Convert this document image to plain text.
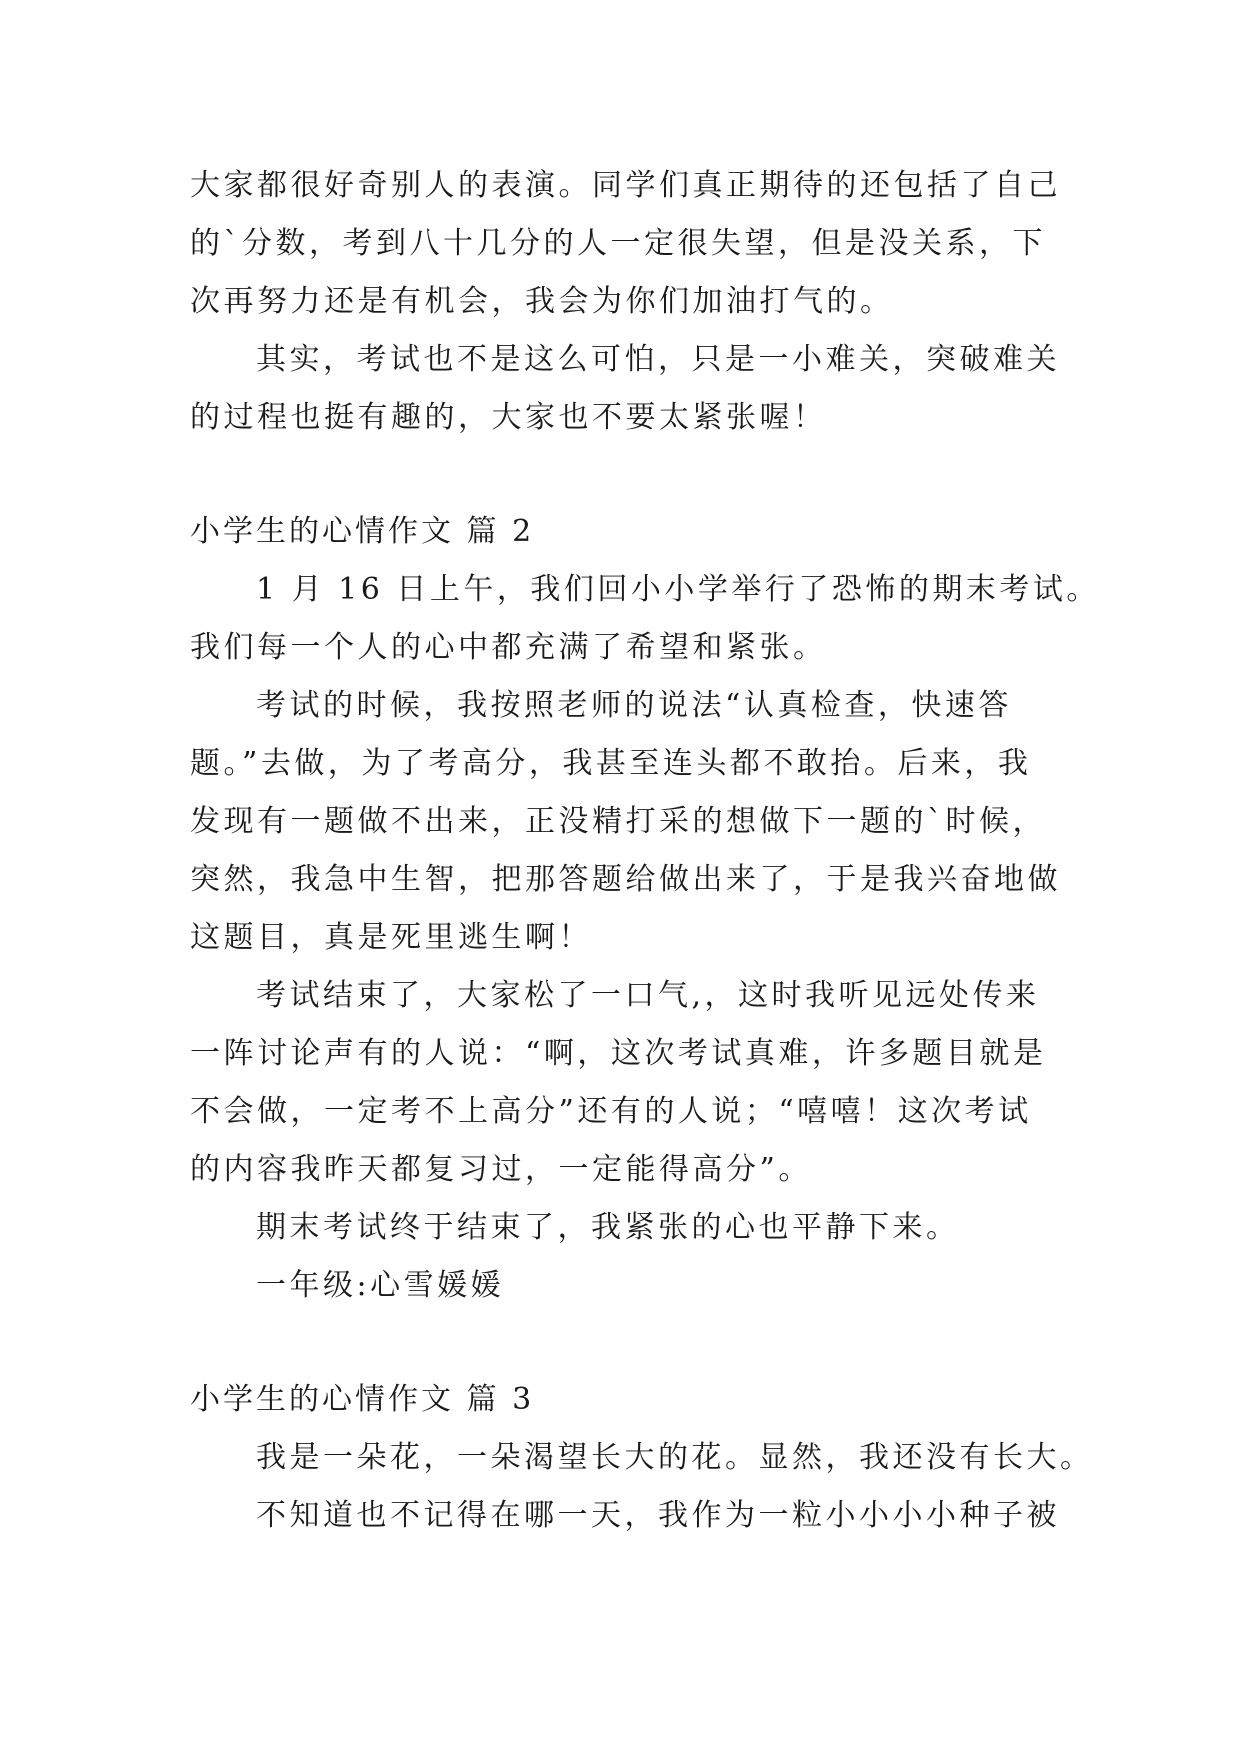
大家都很好奇别人的表演。同学们真正期待的还包括了自己
的`分数，考到八十几分的人一定很失望，但是没关系，下
次再努力还是有机会，我会为你们加油打气的。
其实，考试也不是这么可怕，只是一小难关，突破难关
的过程也挺有趣的，大家也不要太紧张喔！
小学生的心情作文 篇 2
1 月 16 日上午，我们回小小学举行了恐怖的期末考试。
我们每一个人的心中都充满了希望和紧张。
考试的时候，我按照老师的说法“认真检查，快速答
题。”去做，为了考高分，我甚至连头都不敢抬。后来，我
发现有一题做不出来，正没精打采的想做下一题的`时候，
突然，我急中生智，把那答题给做出来了，于是我兴奋地做
这题目，真是死里逃生啊！
考试结束了，大家松了一口气,，这时我听见远处传来
一阵讨论声有的人说：“啊，这次考试真难，许多题目就是
不会做，一定考不上高分”还有的人说；“嘻嘻！这次考试
的内容我昨天都复习过，一定能得高分”。
期末考试终于结束了，我紧张的心也平静下来。
一年级:心雪媛媛
小学生的心情作文 篇 3
我是一朵花，一朵渴望长大的花。显然，我还没有长大。
不知道也不记得在哪一天，我作为一粒小小小小种子被
